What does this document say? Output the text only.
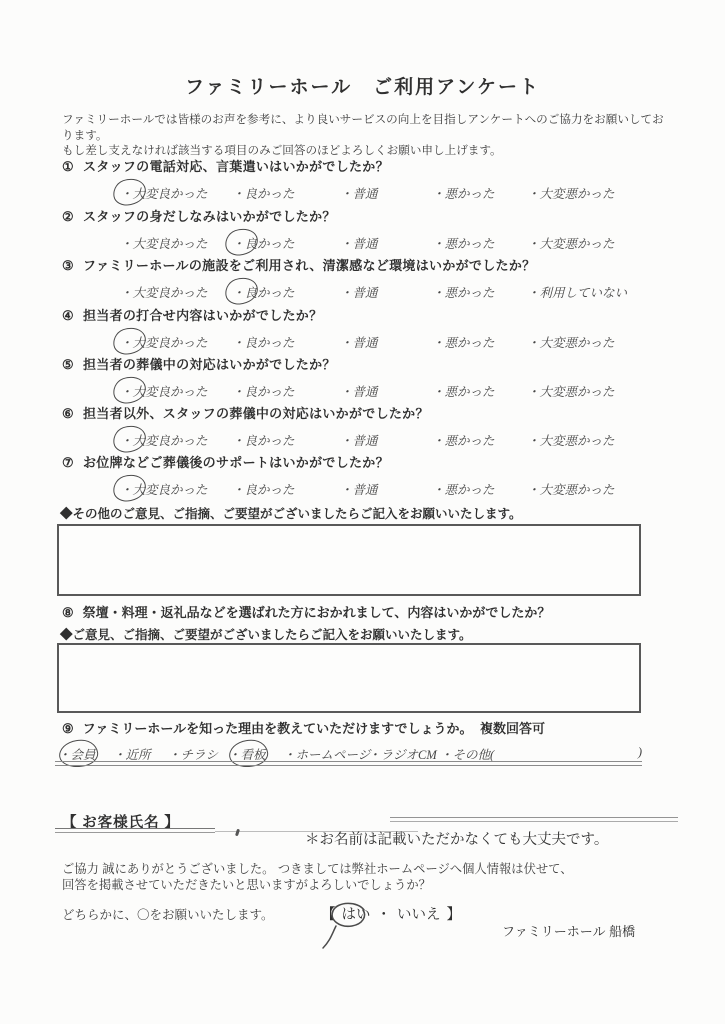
ファミリーホール　ご利用アンケート
ファミリーホールでは皆様のお声を参考に、より良いサービスの向上を目指しアンケートへのご協力をお願いしております。
もし差し支えなければ該当する項目のみご回答のほどよろしくお願い申し上げます。
① スタッフの電話対応、言葉遣いはいかがでしたか？
・大変良かった	・良かった	・普通	・悪かった	・大変悪かった
② スタッフの身だしなみはいかがでしたか？
・大変良かった	・良かった	・普通	・悪かった	・大変悪かった
③ ファミリーホールの施設をご利用され、清潔感など環境はいかがでしたか？
・大変良かった	・良かった	・普通	・悪かった	・利用していない
④ 担当者の打合せ内容はいかがでしたか？
・大変良かった	・良かった	・普通	・悪かった	・大変悪かった
⑤ 担当者の葬儀中の対応はいかがでしたか？
・大変良かった	・良かった	・普通	・悪かった	・大変悪かった
⑥ 担当者以外、スタッフの葬儀中の対応はいかがでしたか？
・大変良かった	・良かった	・普通	・悪かった	・大変悪かった
⑦ お位牌などご葬儀後のサポートはいかがでしたか？
・大変良かった	・良かった	・普通	・悪かった	・大変悪かった
◆その他のご意見、ご指摘、ご要望がございましたらご記入をお願いいたします。
⑧ 祭壇・料理・返礼品などを選ばれた方におかれまして、内容はいかがでしたか？
◆ご意見、ご指摘、ご要望がございましたらご記入をお願いいたします。
⑨ ファミリーホールを知った理由を教えていただけますでしょうか。 複数回答可
・会員	・近所	・チラシ ・看板	・ホームページ
・ラジオCM ・その他(	)
【 お客様氏名 】
＊お名前は記載いただかなくても大丈夫です。
ご協力 誠にありがとうございました。 つきましては弊社ホームページへ個人情報は伏せて、
回答を掲載させていただきたいと思いますがよろしいでしょうか？
どちらかに、〇をお願いいたします。	【 はい ・ いいえ 】
ファミリーホール 船橋
